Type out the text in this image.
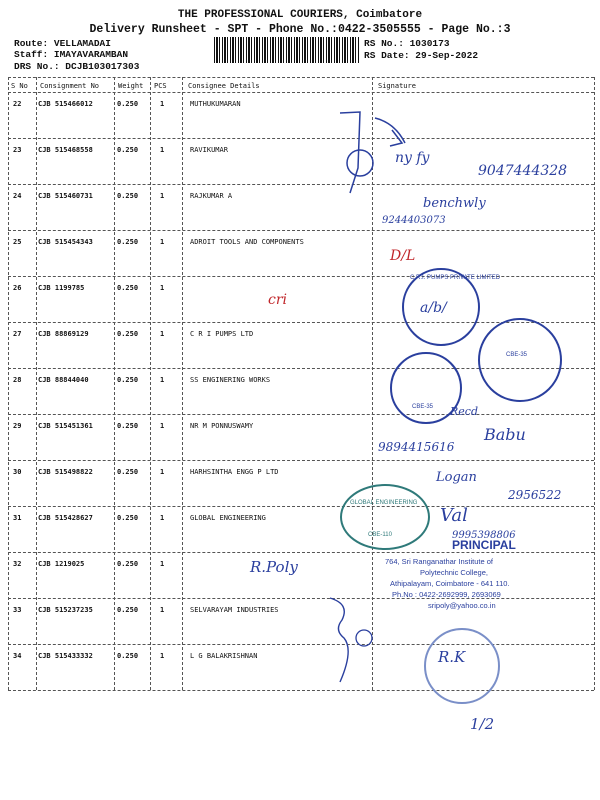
THE PROFESSIONAL COURIERS, Coimbatore
Delivery Runsheet - SPT - Phone No.:0422-3505555 - Page No.:3
Route: VELLAMADAI
Staff: IMAYAVARAMBAN
DRS No.: DCJB103017303
RS No.: 1030173
RS Date: 29-Sep-2022
S No Consignment No	Weight PCS	Consignee Details	Signature
22 CJB 515466012	0.250	1	MUTHUKUMARAN
23 CJB 515468558	0.250	1	RAVIKUMAR
24 CJB 515460731	0.250	1	RAJKUMAR A
25 CJB 515454343	0.250	1	ADROIT TOOLS AND COMPONENTS
26 CJB 1199785	0.250	1
27 CJB 88869129	0.250	1	C R I PUMPS LTD
28 CJB 88844040	0.250	1	SS ENGINERING WORKS
29 CJB 515451361	0.250	1	NR M PONNUSWAMY
30 CJB 515498822	0.250	1	HARHSINTHA ENGG P LTD
31 CJB 515428627	0.250	1	GLOBAL ENGINEERING
32 CJB 1219025	0.250	1
33 CJB 515237235	0.250	1	SELVARAYAM INDUSTRIES
34 CJB 515433332	0.250	1	L G BALAKRISHNAN
ny fy
9047444328
benchwly
9244403073
D/L
cri
C.R.I. PUMPS PRIVATE LIMITED
a/b/
CBE-35
CBE-35 Recd
9894415616
Babu
Logan
2956522
GLOBAL ENGINEERING
CBE-110
Val
9995398806
R.Poly
PRINCIPAL
764, Sri Ranganathar Institute of
Polytechnic College,
Athipalayam, Coimbatore - 641 110.
Ph.No : 0422-2692999, 2693069
sripoly@yahoo.co.in
R.K
1/2
